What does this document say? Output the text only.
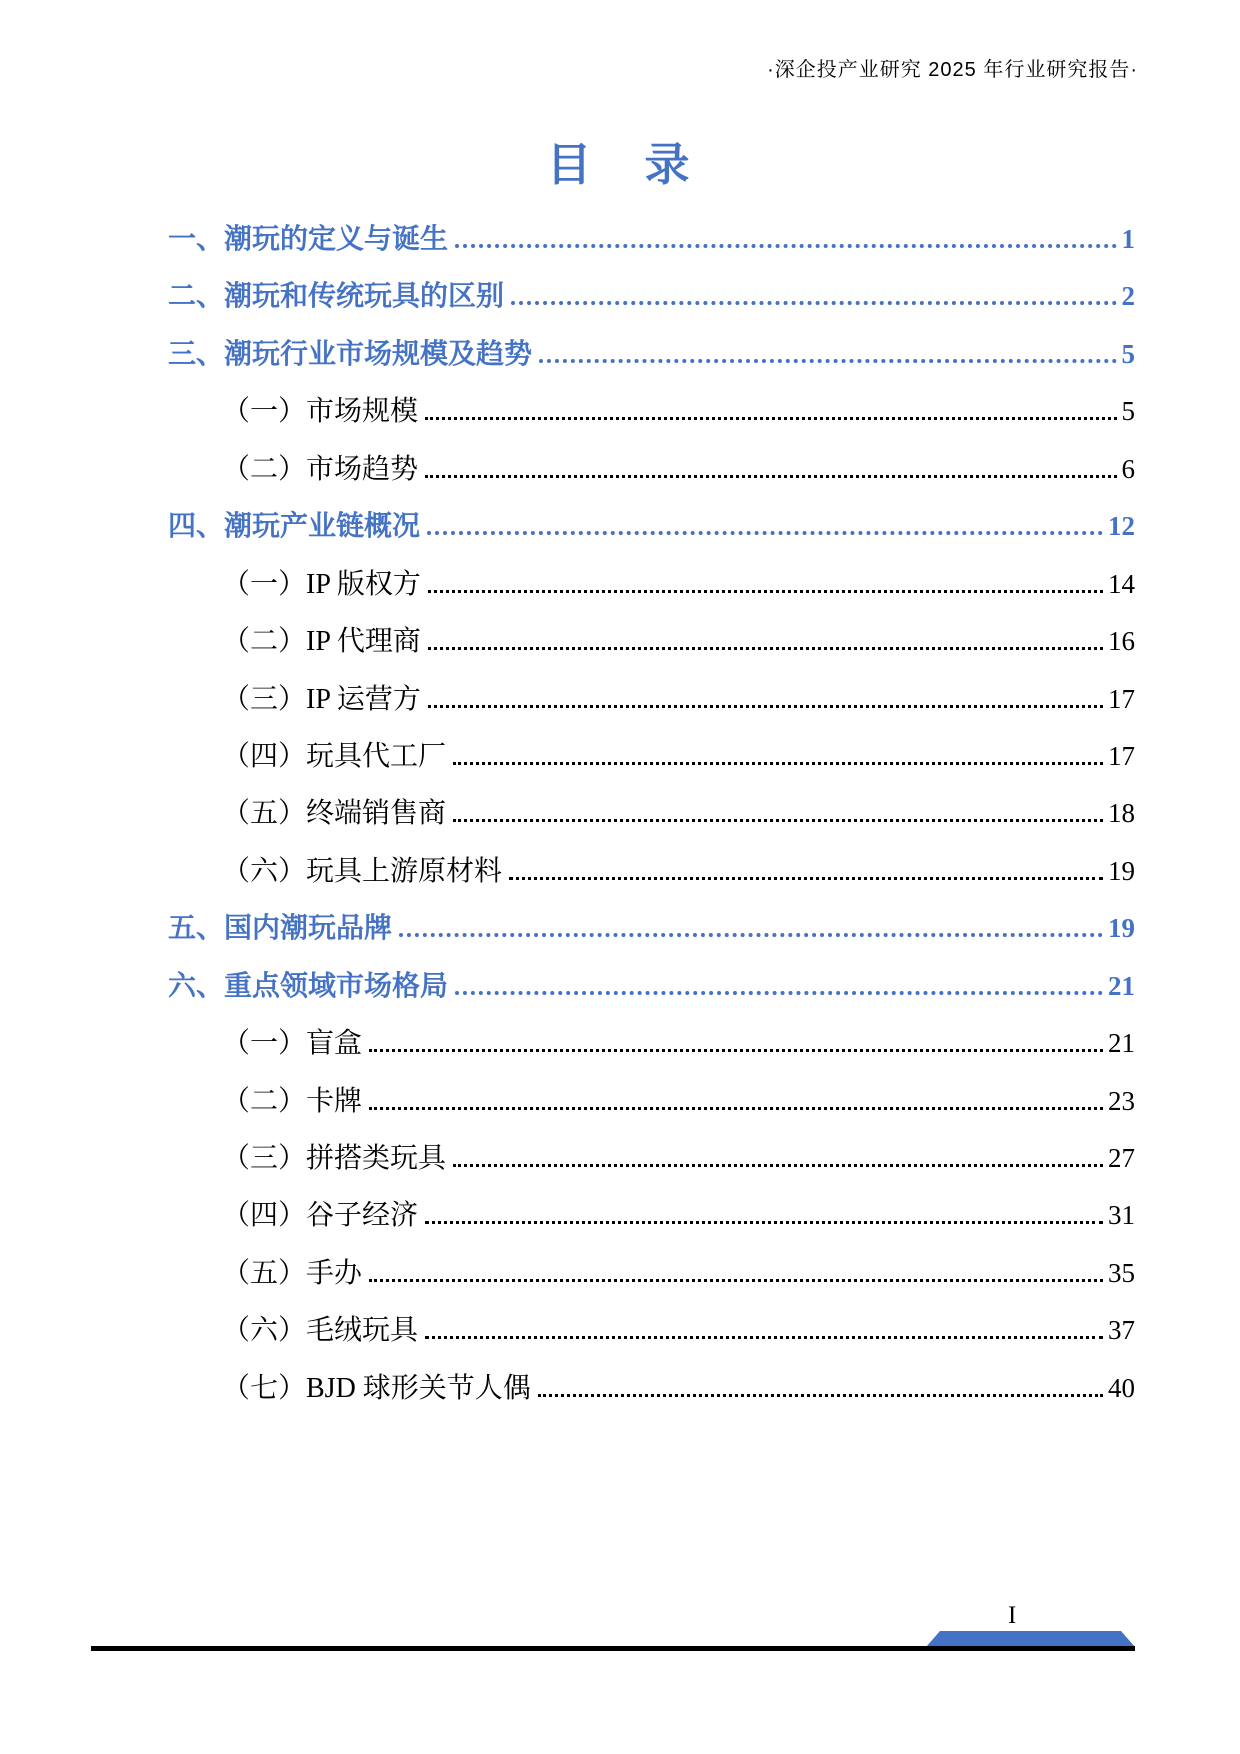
·深企投产业研究 2025 年行业研究报告·
目　录
一、潮玩的定义与诞生	1
二、潮玩和传统玩具的区别	2
三、潮玩行业市场规模及趋势	5
（一）市场规模	5
（二）市场趋势	6
四、潮玩产业链概况	12
（一）IP 版权方	14
（二）IP 代理商	16
（三）IP 运营方	17
（四）玩具代工厂	17
（五）终端销售商	18
（六）玩具上游原材料	19
五、国内潮玩品牌	19
六、重点领域市场格局	21
（一）盲盒	21
（二）卡牌	23
（三）拼搭类玩具	27
（四）谷子经济	31
（五）手办	35
（六）毛绒玩具	37
（七）BJD 球形关节人偶	40
I
